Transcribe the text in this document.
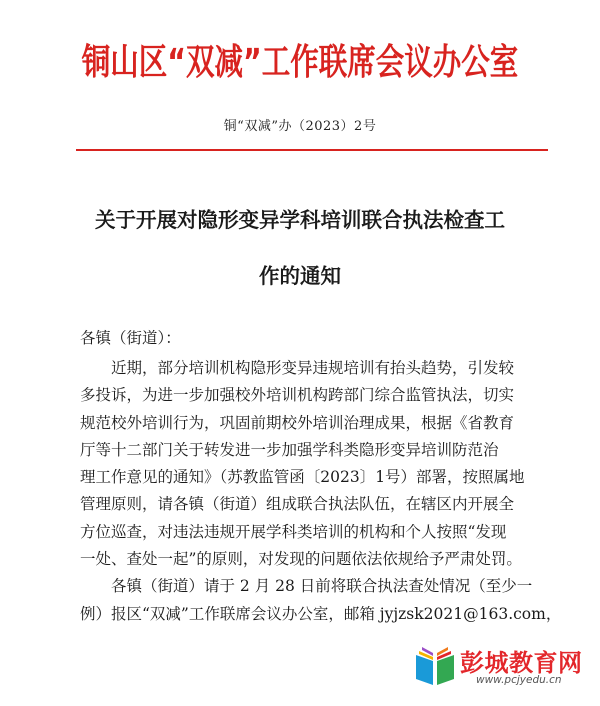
铜山区“双减”工作联席会议办公室
铜“双减”办（2023）2号
关于开展对隐形变异学科培训联合执法检查工
作的通知
各镇（街道）：
近期，部分培训机构隐形变异违规培训有抬头趋势，引发较
多投诉，为进一步加强校外培训机构跨部门综合监管执法，切实
规范校外培训行为，巩固前期校外培训治理成果，根据《省教育
厅等十二部门关于转发进一步加强学科类隐形变异培训防范治
理工作意见的通知》（苏教监管函〔2023〕1号）部署，按照属地
管理原则，请各镇（街道）组成联合执法队伍，在辖区内开展全
方位巡查，对违法违规开展学科类培训的机构和个人按照“发现
一处、查处一起”的原则，对发现的问题依法依规给予严肃处罚。
各镇（街道）请于 2 月 28 日前将联合执法查处情况（至少一
例）报区“双减”工作联席会议办公室，邮箱 jyjzsk2021@163.com，
彭城教育网
www.pcjyedu.cn
